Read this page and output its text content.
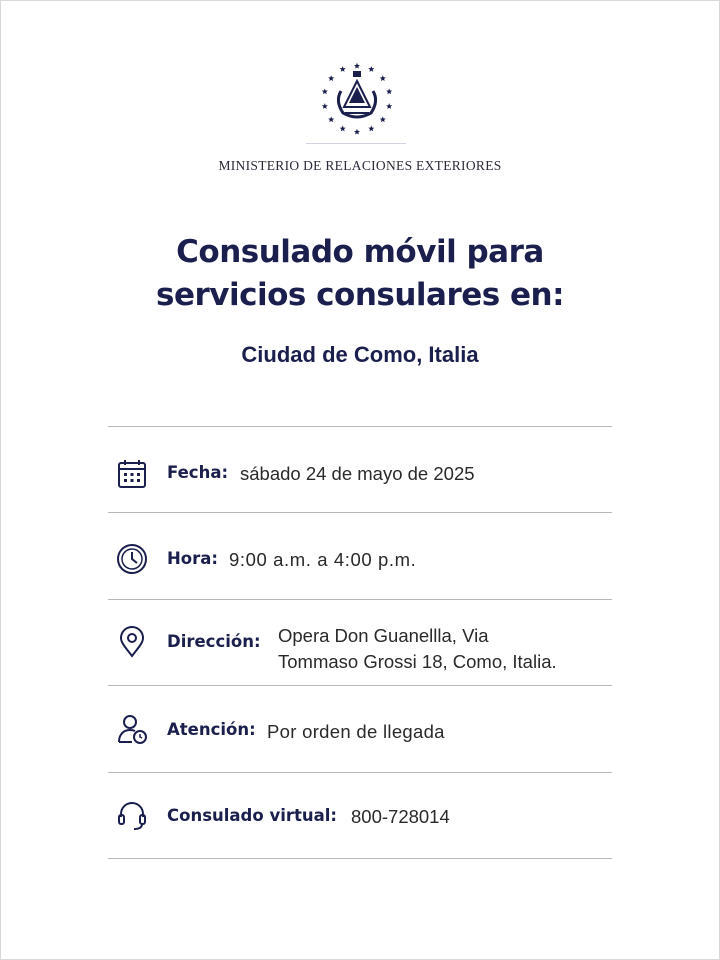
MINISTERIO DE RELACIONES EXTERIORES
Consulado móvil para
servicios consulares en:
Ciudad de Como, Italia
Fecha: sábado 24 de mayo de 2025
Hora: 9:00 a.m. a 4:00 p.m.
Dirección: Opera Don Guanellla, Via
Tommaso Grossi 18, Como, Italia.
Atención: Por orden de llegada
Consulado virtual: 800-728014
